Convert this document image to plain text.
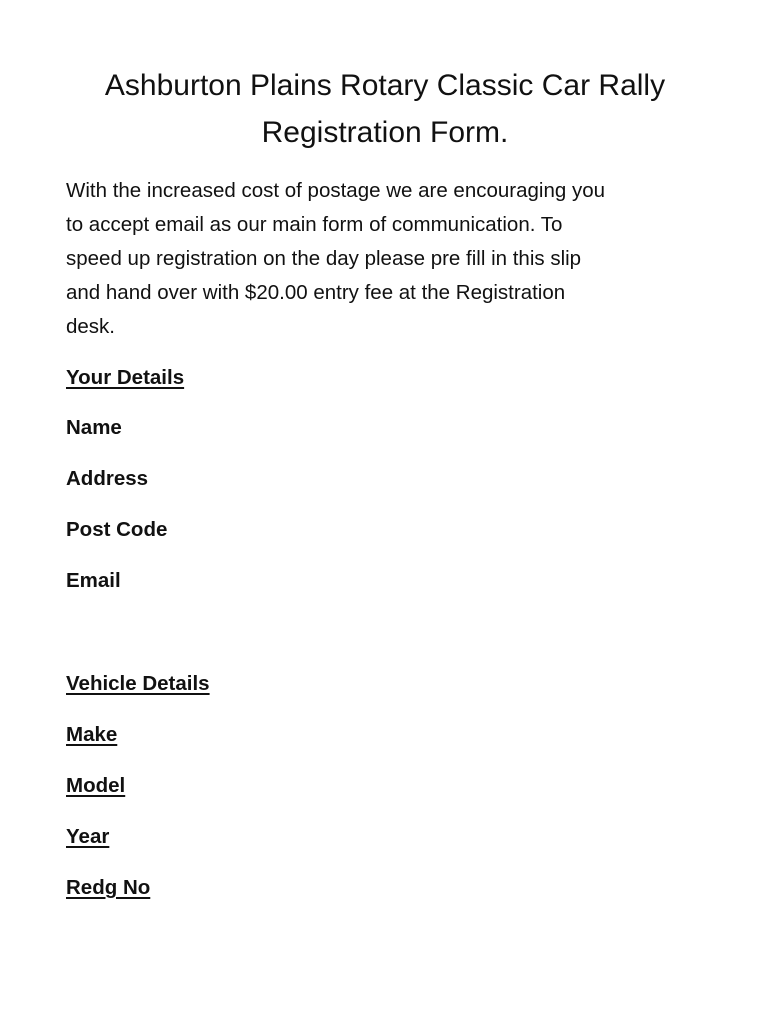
Ashburton Plains Rotary Classic Car Rally
Registration Form.

With the increased cost of postage we are encouraging you
to accept email as our main form of communication. To
speed up registration on the day please pre fill in this slip
and hand over with $20.00 entry fee at the Registration
desk.

Your Details
Name
Address
Post Code
Email
Vehicle Details
Make
Model
Year
Redg No
